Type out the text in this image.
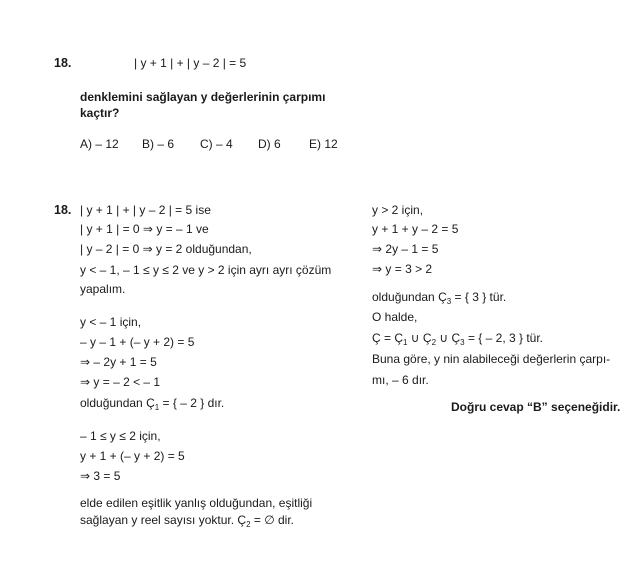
18.	| y + 1 | + | y – 2 | = 5
denklemini sağlayan y değerlerinin çarpımı
kaçtır?
A) – 12 B) – 6 C) – 4 D) 6 E) 12
18. | y + 1 | + | y – 2 | = 5 ise
| y + 1 | = 0 ⇒ y = – 1 ve
| y – 2 | = 0 ⇒ y = 2 olduğundan,
y < – 1, – 1 ≤ y ≤ 2 ve y > 2 için ayrı ayrı çözüm
yapalım.
y < – 1 için,
– y – 1 + (– y + 2) = 5
⇒ – 2y + 1 = 5
⇒ y = – 2 < – 1
olduğundan $Ç_1$ = { – 2 } dır.
– 1 ≤ y ≤ 2 için,
y + 1 + (– y + 2) = 5
⇒ 3 = 5
elde edilen eşitlik yanlış olduğundan, eşitliği
sağlayan y reel sayısı yoktur. $Ç_2$ = ∅ dir.
y > 2 için,
y + 1 + y – 2 = 5
⇒ 2y – 1 = 5
⇒ y = 3 > 2
olduğundan $Ç_3$ = { 3 } tür.
O halde,
Ç = $Ç_1$ ∪ $Ç_2$ ∪ $Ç_3$ = { – 2, 3 } tür.
Buna göre, y nin alabileceği değerlerin çarpı-
mı, – 6 dır.
Doğru cevap “B” seçeneğidir.
